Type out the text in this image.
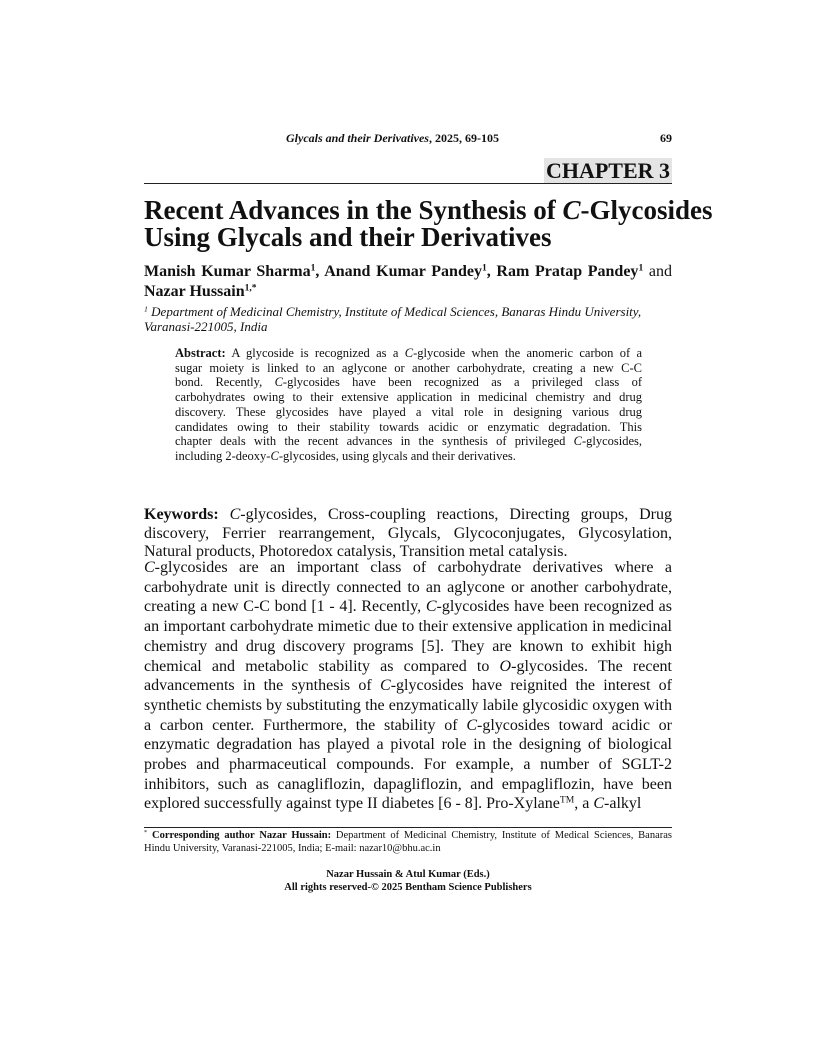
Glycals and their Derivatives, 2025, 69-105	69
CHAPTER 3
Recent Advances in the Synthesis of C-Glycosides
Using Glycals and their Derivatives
Manish Kumar Sharma$^1$, Anand Kumar Pandey$^1$, Ram Pratap Pandey$^1$ and
Nazar Hussain$^{1,*}$
$^1$ Department of Medicinal Chemistry, Institute of Medical Sciences, Banaras Hindu University,
Varanasi-221005, India
Abstract: A glycoside is recognized as a C-glycoside when the anomeric carbon of a
sugar moiety is linked to an aglycone or another carbohydrate, creating a new C-C
bond. Recently, C-glycosides have been recognized as a privileged class of
carbohydrates owing to their extensive application in medicinal chemistry and drug
discovery. These glycosides have played a vital role in designing various drug
candidates owing to their stability towards acidic or enzymatic degradation. This
chapter deals with the recent advances in the synthesis of privileged C-glycosides,
including 2-deoxy-C-glycosides, using glycals and their derivatives.
Keywords: C-glycosides, Cross-coupling reactions, Directing groups, Drug
discovery, Ferrier rearrangement, Glycals, Glycoconjugates, Glycosylation,
Natural products, Photoredox catalysis, Transition metal catalysis.
C-glycosides are an important class of carbohydrate derivatives where a
carbohydrate unit is directly connected to an aglycone or another carbohydrate,
creating a new C-C bond [1 - 4]. Recently, C-glycosides have been recognized as
an important carbohydrate mimetic due to their extensive application in medicinal
chemistry and drug discovery programs [5]. They are known to exhibit high
chemical and metabolic stability as compared to O-glycosides. The recent
advancements in the synthesis of C-glycosides have reignited the interest of
synthetic chemists by substituting the enzymatically labile glycosidic oxygen with
a carbon center. Furthermore, the stability of C-glycosides toward acidic or
enzymatic degradation has played a pivotal role in the designing of biological
probes and pharmaceutical compounds. For example, a number of SGLT-2
inhibitors, such as canagliflozin, dapagliflozin, and empagliflozin, have been
explored successfully against type II diabetes [6 - 8]. Pro-Xylane™, a C-alkyl
* Corresponding author Nazar Hussain: Department of Medicinal Chemistry, Institute of Medical Sciences, Banaras
Hindu University, Varanasi-221005, India; E-mail: nazar10@bhu.ac.in
Nazar Hussain & Atul Kumar (Eds.)
All rights reserved-© 2025 Bentham Science Publishers
